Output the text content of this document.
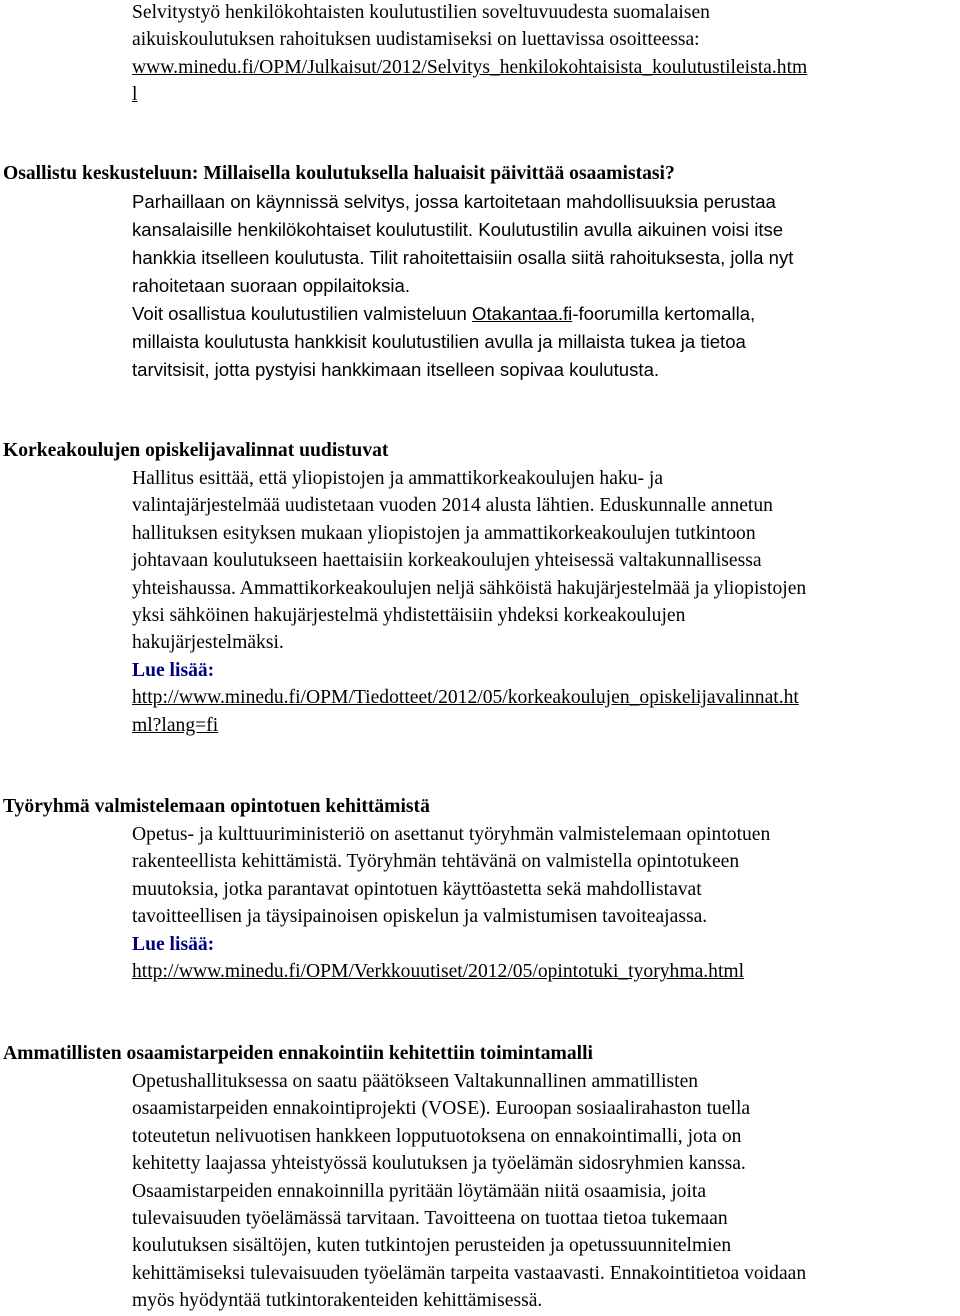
Selvitystyö henkilökohtaisten koulutustilien soveltuvuudesta suomalaisen
aikuiskoulutuksen rahoituksen uudistamiseksi on luettavissa osoitteessa:
www.minedu.fi/OPM/Julkaisut/2012/Selvitys_henkilokohtaisista_koulutustileista.htm
l
Osallistu keskusteluun: Millaisella koulutuksella haluaisit päivittää osaamistasi?
Parhaillaan on käynnissä selvitys, jossa kartoitetaan mahdollisuuksia perustaa
kansalaisille henkilökohtaiset koulutustilit. Koulutustilin avulla aikuinen voisi itse
hankkia itselleen koulutusta. Tilit rahoitettaisiin osalla siitä rahoituksesta, jolla nyt
rahoitetaan suoraan oppilaitoksia.
Voit osallistua koulutustilien valmisteluun Otakantaa.fi-foorumilla kertomalla,
millaista koulutusta hankkisit koulutustilien avulla ja millaista tukea ja tietoa
tarvitsisit, jotta pystyisi hankkimaan itselleen sopivaa koulutusta.
Korkeakoulujen opiskelijavalinnat uudistuvat
Hallitus esittää, että yliopistojen ja ammattikorkeakoulujen haku- ja
valintajärjestelmää uudistetaan vuoden 2014 alusta lähtien. Eduskunnalle annetun
hallituksen esityksen mukaan yliopistojen ja ammattikorkeakoulujen tutkintoon
johtavaan koulutukseen haettaisiin korkeakoulujen yhteisessä valtakunnallisessa
yhteishaussa. Ammattikorkeakoulujen neljä sähköistä hakujärjestelmää ja yliopistojen
yksi sähköinen hakujärjestelmä yhdistettäisiin yhdeksi korkeakoulujen
hakujärjestelmäksi.
Lue lisää:
http://www.minedu.fi/OPM/Tiedotteet/2012/05/korkeakoulujen_opiskelijavalinnat.ht
ml?lang=fi
Työryhmä valmistelemaan opintotuen kehittämistä
Opetus- ja kulttuuriministeriö on asettanut työryhmän valmistelemaan opintotuen
rakenteellista kehittämistä. Työryhmän tehtävänä on valmistella opintotukeen
muutoksia, jotka parantavat opintotuen käyttöastetta sekä mahdollistavat
tavoitteellisen ja täysipainoisen opiskelun ja valmistumisen tavoiteajassa.
Lue lisää:
http://www.minedu.fi/OPM/Verkkouutiset/2012/05/opintotuki_tyoryhma.html
Ammatillisten osaamistarpeiden ennakointiin kehitettiin toimintamalli
Opetushallituksessa on saatu päätökseen Valtakunnallinen ammatillisten
osaamistarpeiden ennakointiprojekti (VOSE). Euroopan sosiaalirahaston tuella
toteutetun nelivuotisen hankkeen lopputuotoksena on ennakointimalli, jota on
kehitetty laajassa yhteistyössä koulutuksen ja työelämän sidosryhmien kanssa.
Osaamistarpeiden ennakoinnilla pyritään löytämään niitä osaamisia, joita
tulevaisuuden työelämässä tarvitaan. Tavoitteena on tuottaa tietoa tukemaan
koulutuksen sisältöjen, kuten tutkintojen perusteiden ja opetussuunnitelmien
kehittämiseksi tulevaisuuden työelämän tarpeita vastaavasti. Ennakointitietoa voidaan
myös hyödyntää tutkintorakenteiden kehittämisessä.
